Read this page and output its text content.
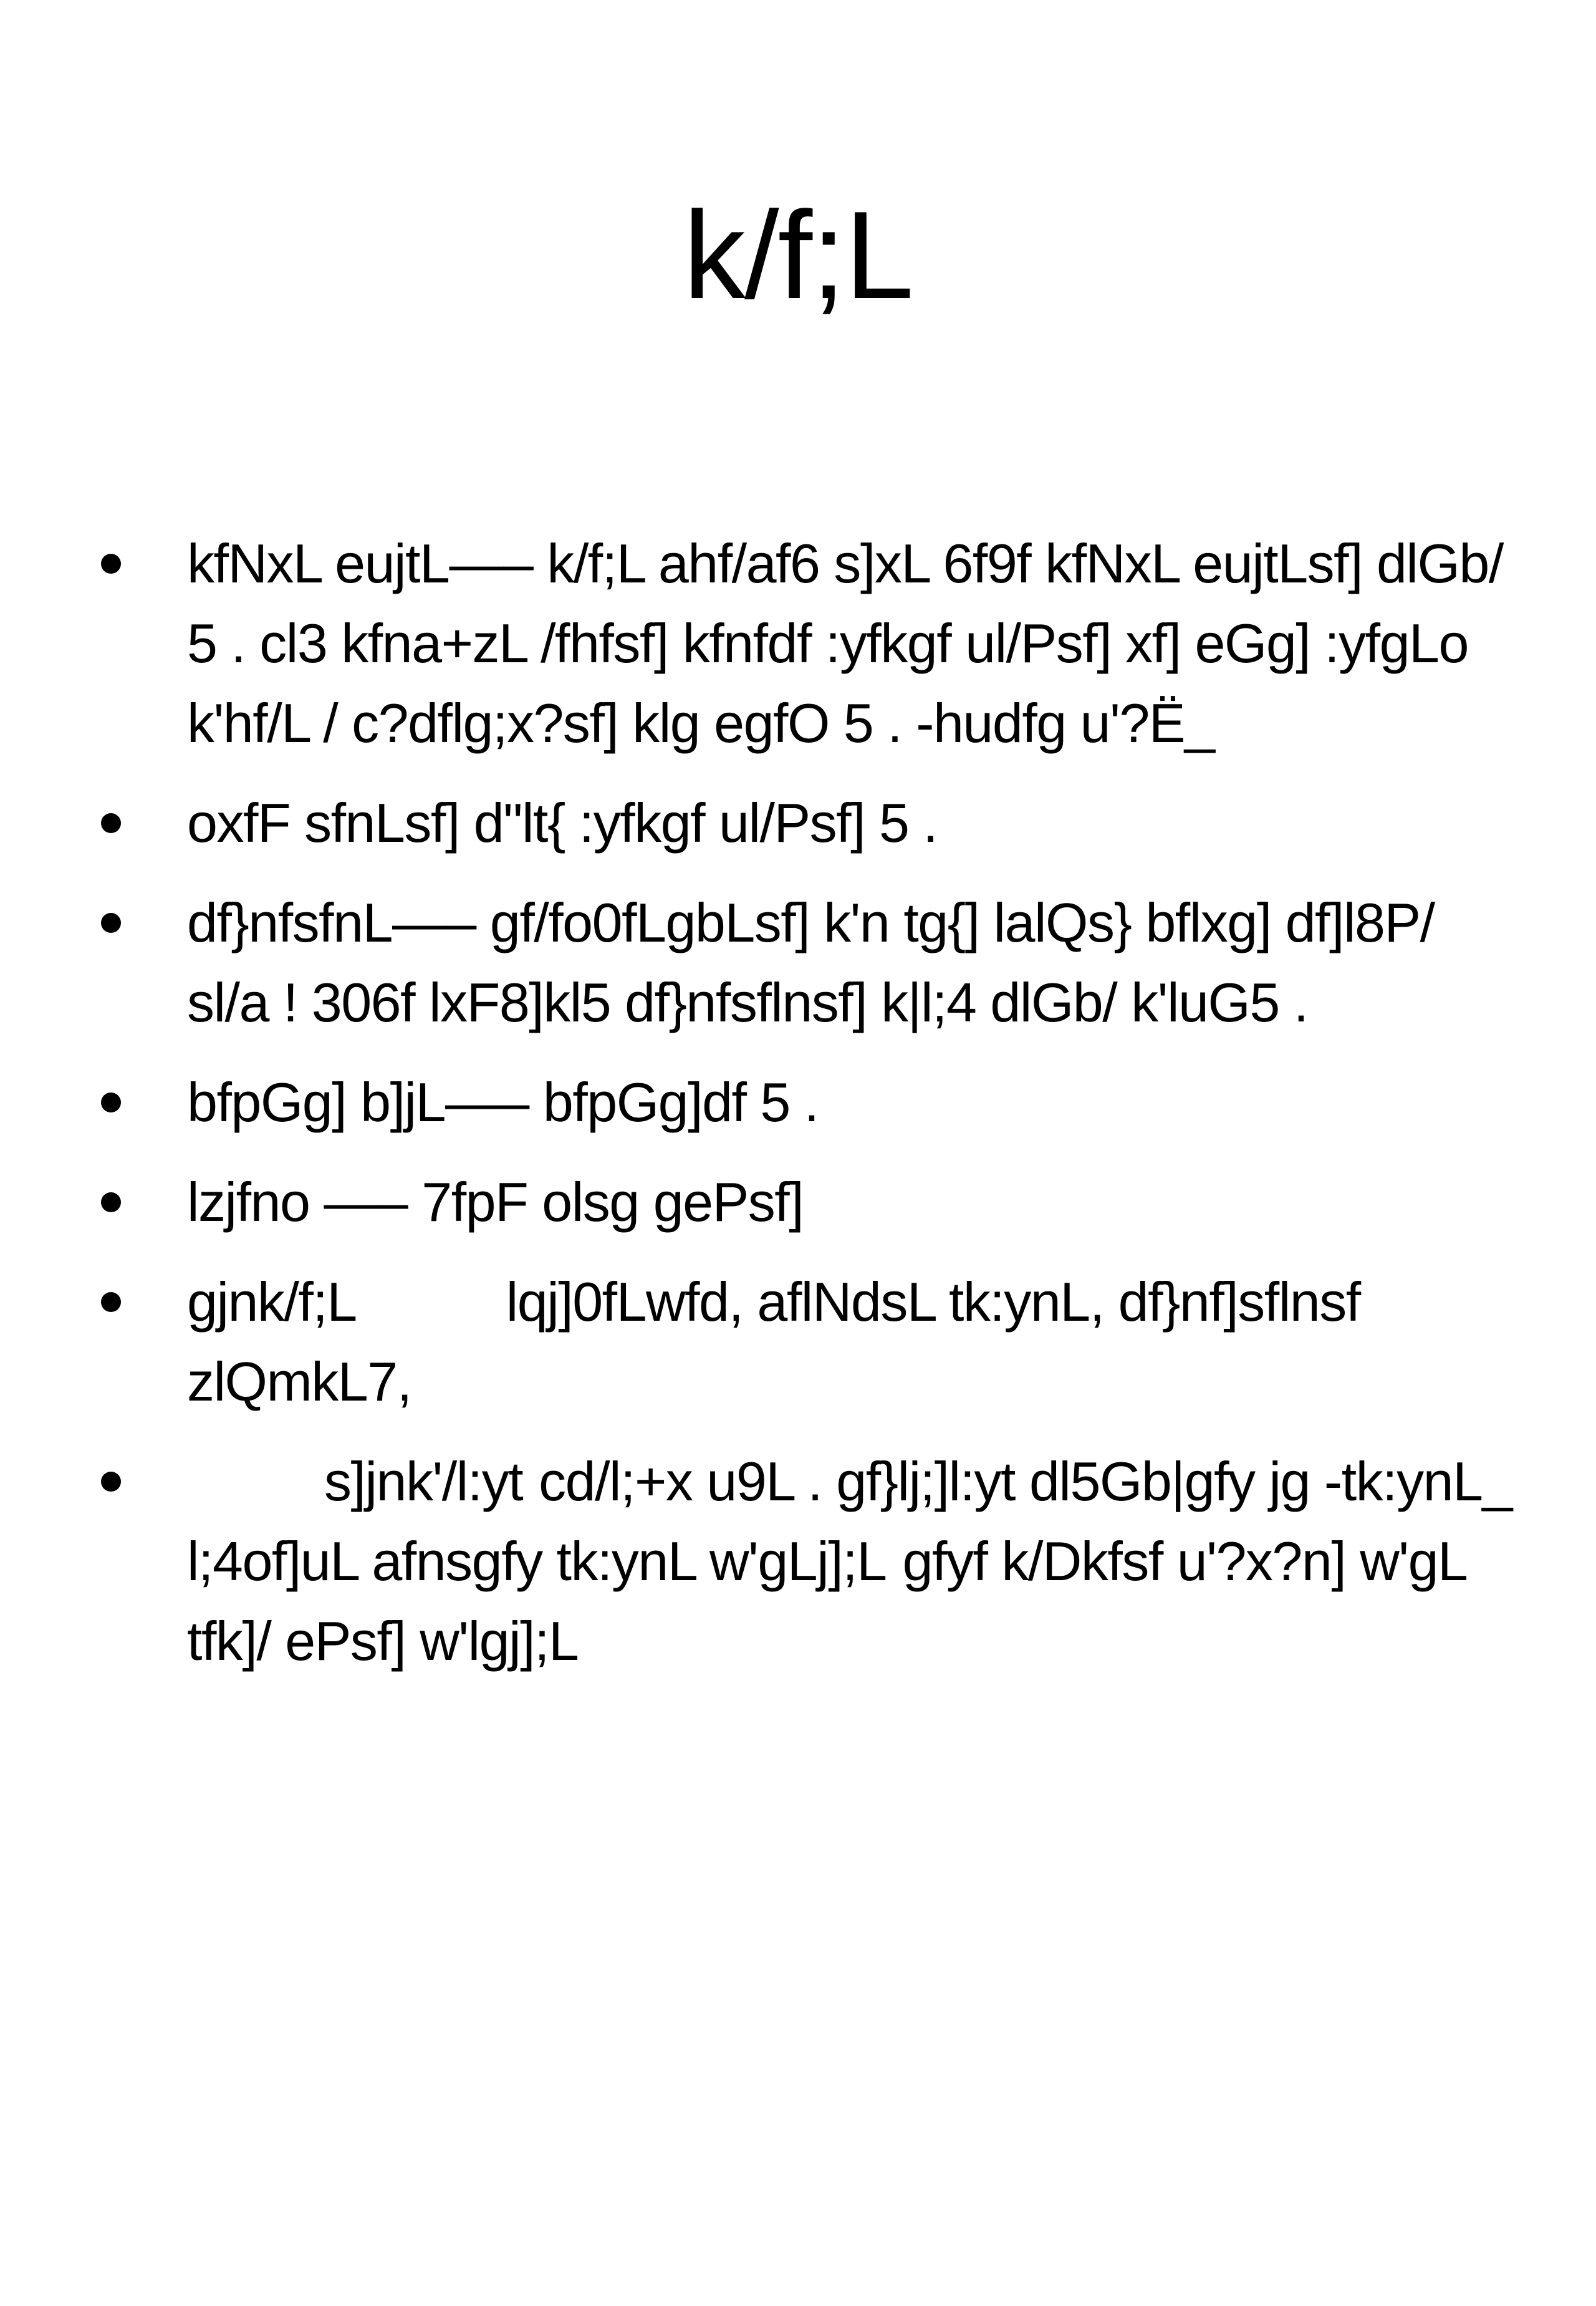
k/f;L
kfNxL eujtL—– k/f;L ahf/af6 s]xL 6f9f kfNxL eujtLsf] dlGb/ 5 . cl3 kfna+zL /fhfsf] kfnfdf :yfkgf ul/Psf] xf] eGg] :yfgLo k'hf/L / c?dflg;x?sf] klg egfO 5 . -hudfg u'?Ë_
oxfF sfnLsf] d"lt{ :yfkgf ul/Psf] 5 .
df}nfsfnL—– gf/fo0fLgbLsf] k'n tg{] lalQs} bflxg] df]l8P/ sl/a ! 306f lxF8]kl5 df}nfsflnsf] k|l;4 dlGb/ k'luG5 .
bfpGg] b]jL—– bfpGg]df 5 .
lzjfno —– 7fpF olsg gePsf]
gjnk/f;L	lqj]0fLwfd, aflNdsL tk:ynL, df}nf]sflnsf zlQmkL7,
s]jnk'/l:yt cd/l;+x u9L . gf}lj;]l:yt dl5Gb|gfy jg -tk:ynL_ l;4of]uL afnsgfy tk:ynL w'gLj];L gfyf k/Dkfsf u'?x?n] w'gL tfk]/ ePsf] w'lgj];L
